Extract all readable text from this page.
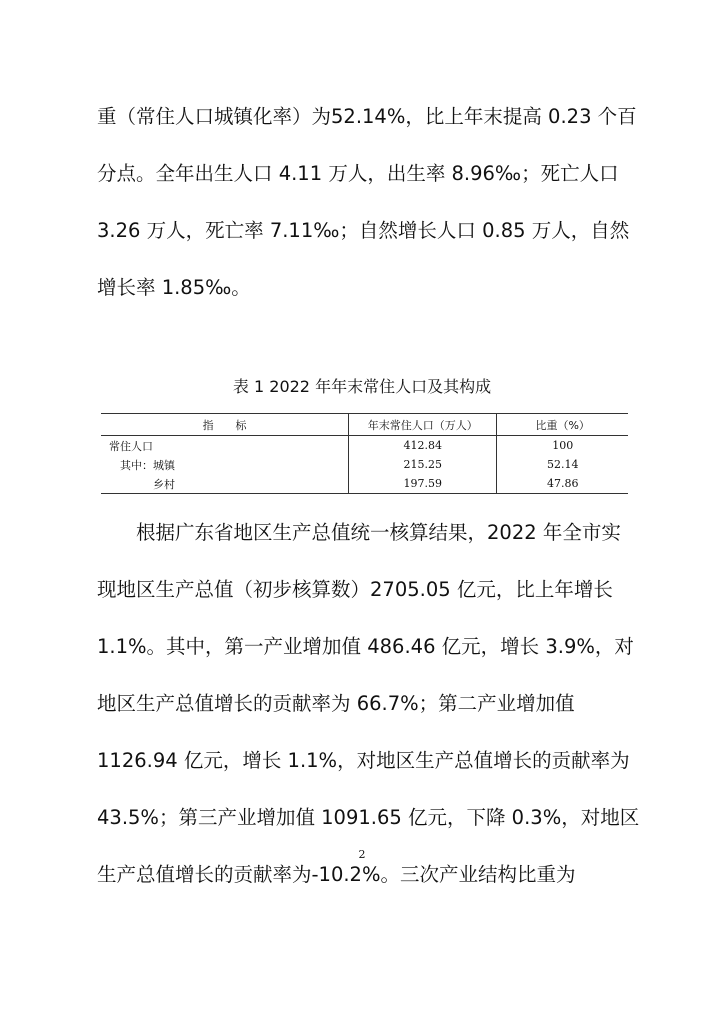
重（常住人口城镇化率）为52.14%，比上年末提高 0.23 个百
分点。全年出生人口 4.11 万人，出生率 8.96‰；死亡人口
3.26 万人，死亡率 7.11‰；自然增长人口 0.85 万人，自然
增长率 1.85‰。
表 1 2022 年年末常住人口及其构成
指　　标	年末常住人口（万人）	比重（%）
常住人口	412.84	100
　其中：城镇	215.25	52.14
　　　　乡村	197.59	47.86
　　根据广东省地区生产总值统一核算结果，2022 年全市实
现地区生产总值（初步核算数）2705.05 亿元，比上年增长
1.1%。其中，第一产业增加值 486.46 亿元，增长 3.9%，对
地区生产总值增长的贡献率为 66.7%；第二产业增加值
1126.94 亿元，增长 1.1%，对地区生产总值增长的贡献率为
43.5%；第三产业增加值 1091.65 亿元，下降 0.3%，对地区
2
生产总值增长的贡献率为-10.2%。三次产业结构比重为
